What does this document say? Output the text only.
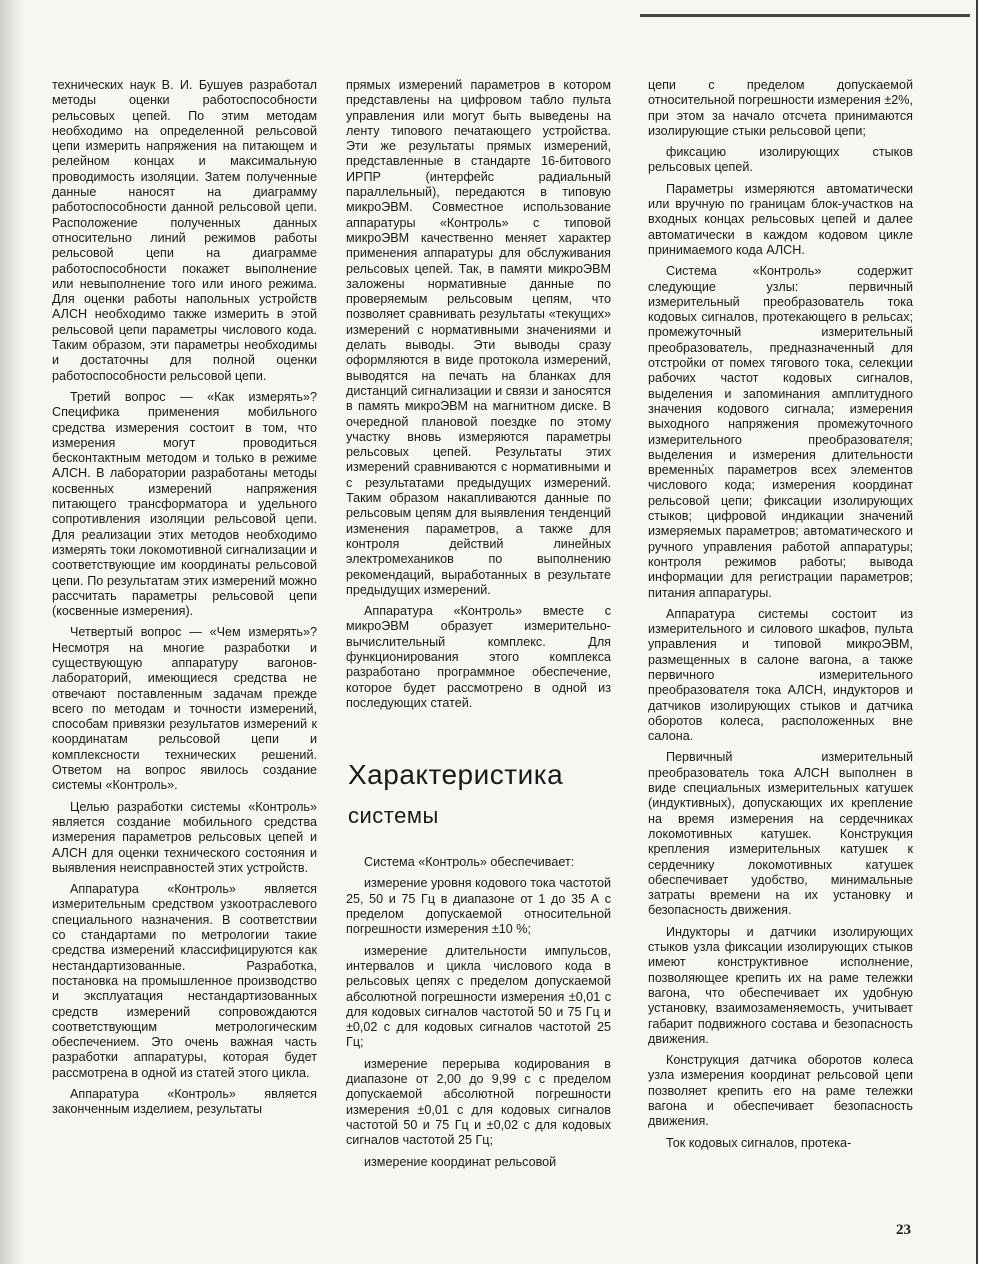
технических наук В. И. Бушуев разработал методы оценки работоспособности рельсовых цепей. По этим методам необходимо на определенной рельсовой цепи измерить напряжения на питающем и релейном концах и максимальную проводимость изоляции. Затем полученные данные наносят на диаграмму работоспособности данной рельсовой цепи. Расположение полученных данных относительно линий режимов работы рельсовой цепи на диаграмме работоспособности покажет выполнение или невыполнение того или иного режима. Для оценки работы напольных устройств АЛСН необходимо также измерить в этой рельсовой цепи параметры числового кода. Таким образом, эти параметры необходимы и достаточны для полной оценки работоспособности рельсовой цепи.

Третий вопрос — «Как измерять»? Специфика применения мобильного средства измерения состоит в том, что измерения могут проводиться бесконтактным методом и только в режиме АЛСН. В лаборатории разработаны методы косвенных измерений напряжения питающего трансформатора и удельного сопротивления изоляции рельсовой цепи. Для реализации этих методов необходимо измерять токи локомотивной сигнализации и соответствующие им координаты рельсовой цепи. По результатам этих измерений можно рассчитать параметры рельсовой цепи (косвенные измерения).

Четвертый вопрос — «Чем измерять»? Несмотря на многие разработки и существующую аппаратуру вагонов-лабораторий, имеющиеся средства не отвечают поставленным задачам прежде всего по методам и точности измерений, способам привязки результатов измерений к координатам рельсовой цепи и комплексности технических решений. Ответом на вопрос явилось создание системы «Контроль».

Целью разработки системы «Контроль» является создание мобильного средства измерения параметров рельсовых цепей и АЛСН для оценки технического состояния и выявления неисправностей этих устройств.

Аппаратура «Контроль» является измерительным средством узкоотраслевого специального назначения. В соответствии со стандартами по метрологии такие средства измерений классифицируются как нестандартизованные. Разработка, постановка на промышленное производство и эксплуатация нестандартизованных средств измерений сопровождаются соответствующим метрологическим обеспечением. Это очень важная часть разработки аппаратуры, которая будет рассмотрена в одной из статей этого цикла.

Аппаратура «Контроль» является законченным изделием, результаты

прямых измерений параметров в котором представлены на цифровом табло пульта управления или могут быть выведены на ленту типового печатающего устройства. Эти же результаты прямых измерений, представленные в стандарте 16-битового ИРПР (интерфейс радиальный параллельный), передаются в типовую микроЭВМ. Совместное использование аппаратуры «Контроль» с типовой микроЭВМ качественно меняет характер применения аппаратуры для обслуживания рельсовых цепей. Так, в памяти микроЭВМ заложены нормативные данные по проверяемым рельсовым цепям, что позволяет сравнивать результаты «текущих» измерений с нормативными значениями и делать выводы. Эти выводы сразу оформляются в виде протокола измерений, выводятся на печать на бланках для дистанций сигнализации и связи и заносятся в память микроЭВМ на магнитном диске. В очередной плановой поездке по этому участку вновь измеряются параметры рельсовых цепей. Результаты этих измерений сравниваются с нормативными и с результатами предыдущих измерений. Таким образом накапливаются данные по рельсовым цепям для выявления тенденций изменения параметров, а также для контроля действий линейных электромехаников по выполнению рекомендаций, выработанных в результате предыдущих измерений.

Аппаратура «Контроль» вместе с микроЭВМ образует измерительно-вычислительный комплекс. Для функционирования этого комплекса разработано программное обеспечение, которое будет рассмотрено в одной из последующих статей.

Характеристика
системы

Система «Контроль» обеспечивает:

измерение уровня кодового тока частотой 25, 50 и 75 Гц в диапазоне от 1 до 35 А с пределом допускаемой относительной погрешности измерения ±10 %;

измерение длительности импульсов, интервалов и цикла числового кода в рельсовых цепях с пределом допускаемой абсолютной погрешности измерения ±0,01 с для кодовых сигналов частотой 50 и 75 Гц и ±0,02 с для кодовых сигналов частотой 25 Гц;

измерение перерыва кодирования в диапазоне от 2,00 до 9,99 с с пределом допускаемой абсолютной погрешности измерения ±0,01 с для кодовых сигналов частотой 50 и 75 Гц и ±0,02 с для кодовых сигналов частотой 25 Гц;

измерение координат рельсовой

цепи с пределом допускаемой относительной погрешности измерения ±2%, при этом за начало отсчета принимаются изолирующие стыки рельсовой цепи;

фиксацию изолирующих стыков рельсовых цепей.

Параметры измеряются автоматически или вручную по границам блок-участков на входных концах рельсовых цепей и далее автоматически в каждом кодовом цикле принимаемого кода АЛСН.

Система «Контроль» содержит следующие узлы: первичный измерительный преобразователь тока кодовых сигналов, протекающего в рельсах; промежуточный измерительный преобразователь, предназначенный для отстройки от помех тягового тока, селекции рабочих частот кодовых сигналов, выделения и запоминания амплитудного значения кодового сигнала; измерения выходного напряжения промежуточного измерительного преобразователя; выделения и измерения длительности временны́х параметров всех элементов числового кода; измерения координат рельсовой цепи; фиксации изолирующих стыков; цифровой индикации значений измеряемых параметров; автоматического и ручного управления работой аппаратуры; контроля режимов работы; вывода информации для регистрации параметров; питания аппаратуры.

Аппаратура системы состоит из измерительного и силового шкафов, пульта управления и типовой микроЭВМ, размещенных в салоне вагона, а также первичного измерительного преобразователя тока АЛСН, индукторов и датчиков изолирующих стыков и датчика оборотов колеса, расположенных вне салона.

Первичный измерительный преобразователь тока АЛСН выполнен в виде специальных измерительных катушек (индуктивных), допускающих их крепление на время измерения на сердечниках локомотивных катушек. Конструкция крепления измерительных катушек к сердечнику локомотивных катушек обеспечивает удобство, минимальные затраты времени на их установку и безопасность движения.

Индукторы и датчики изолирующих стыков узла фиксации изолирующих стыков имеют конструктивное исполнение, позволяющее крепить их на раме тележки вагона, что обеспечивает их удобную установку, взаимозаменяемость, учитывает габарит подвижного состава и безопасность движения.

Конструкция датчика оборотов колеса узла измерения координат рельсовой цепи позволяет крепить его на раме тележки вагона и обеспечивает безопасность движения.

Ток кодовых сигналов, протека-

23
